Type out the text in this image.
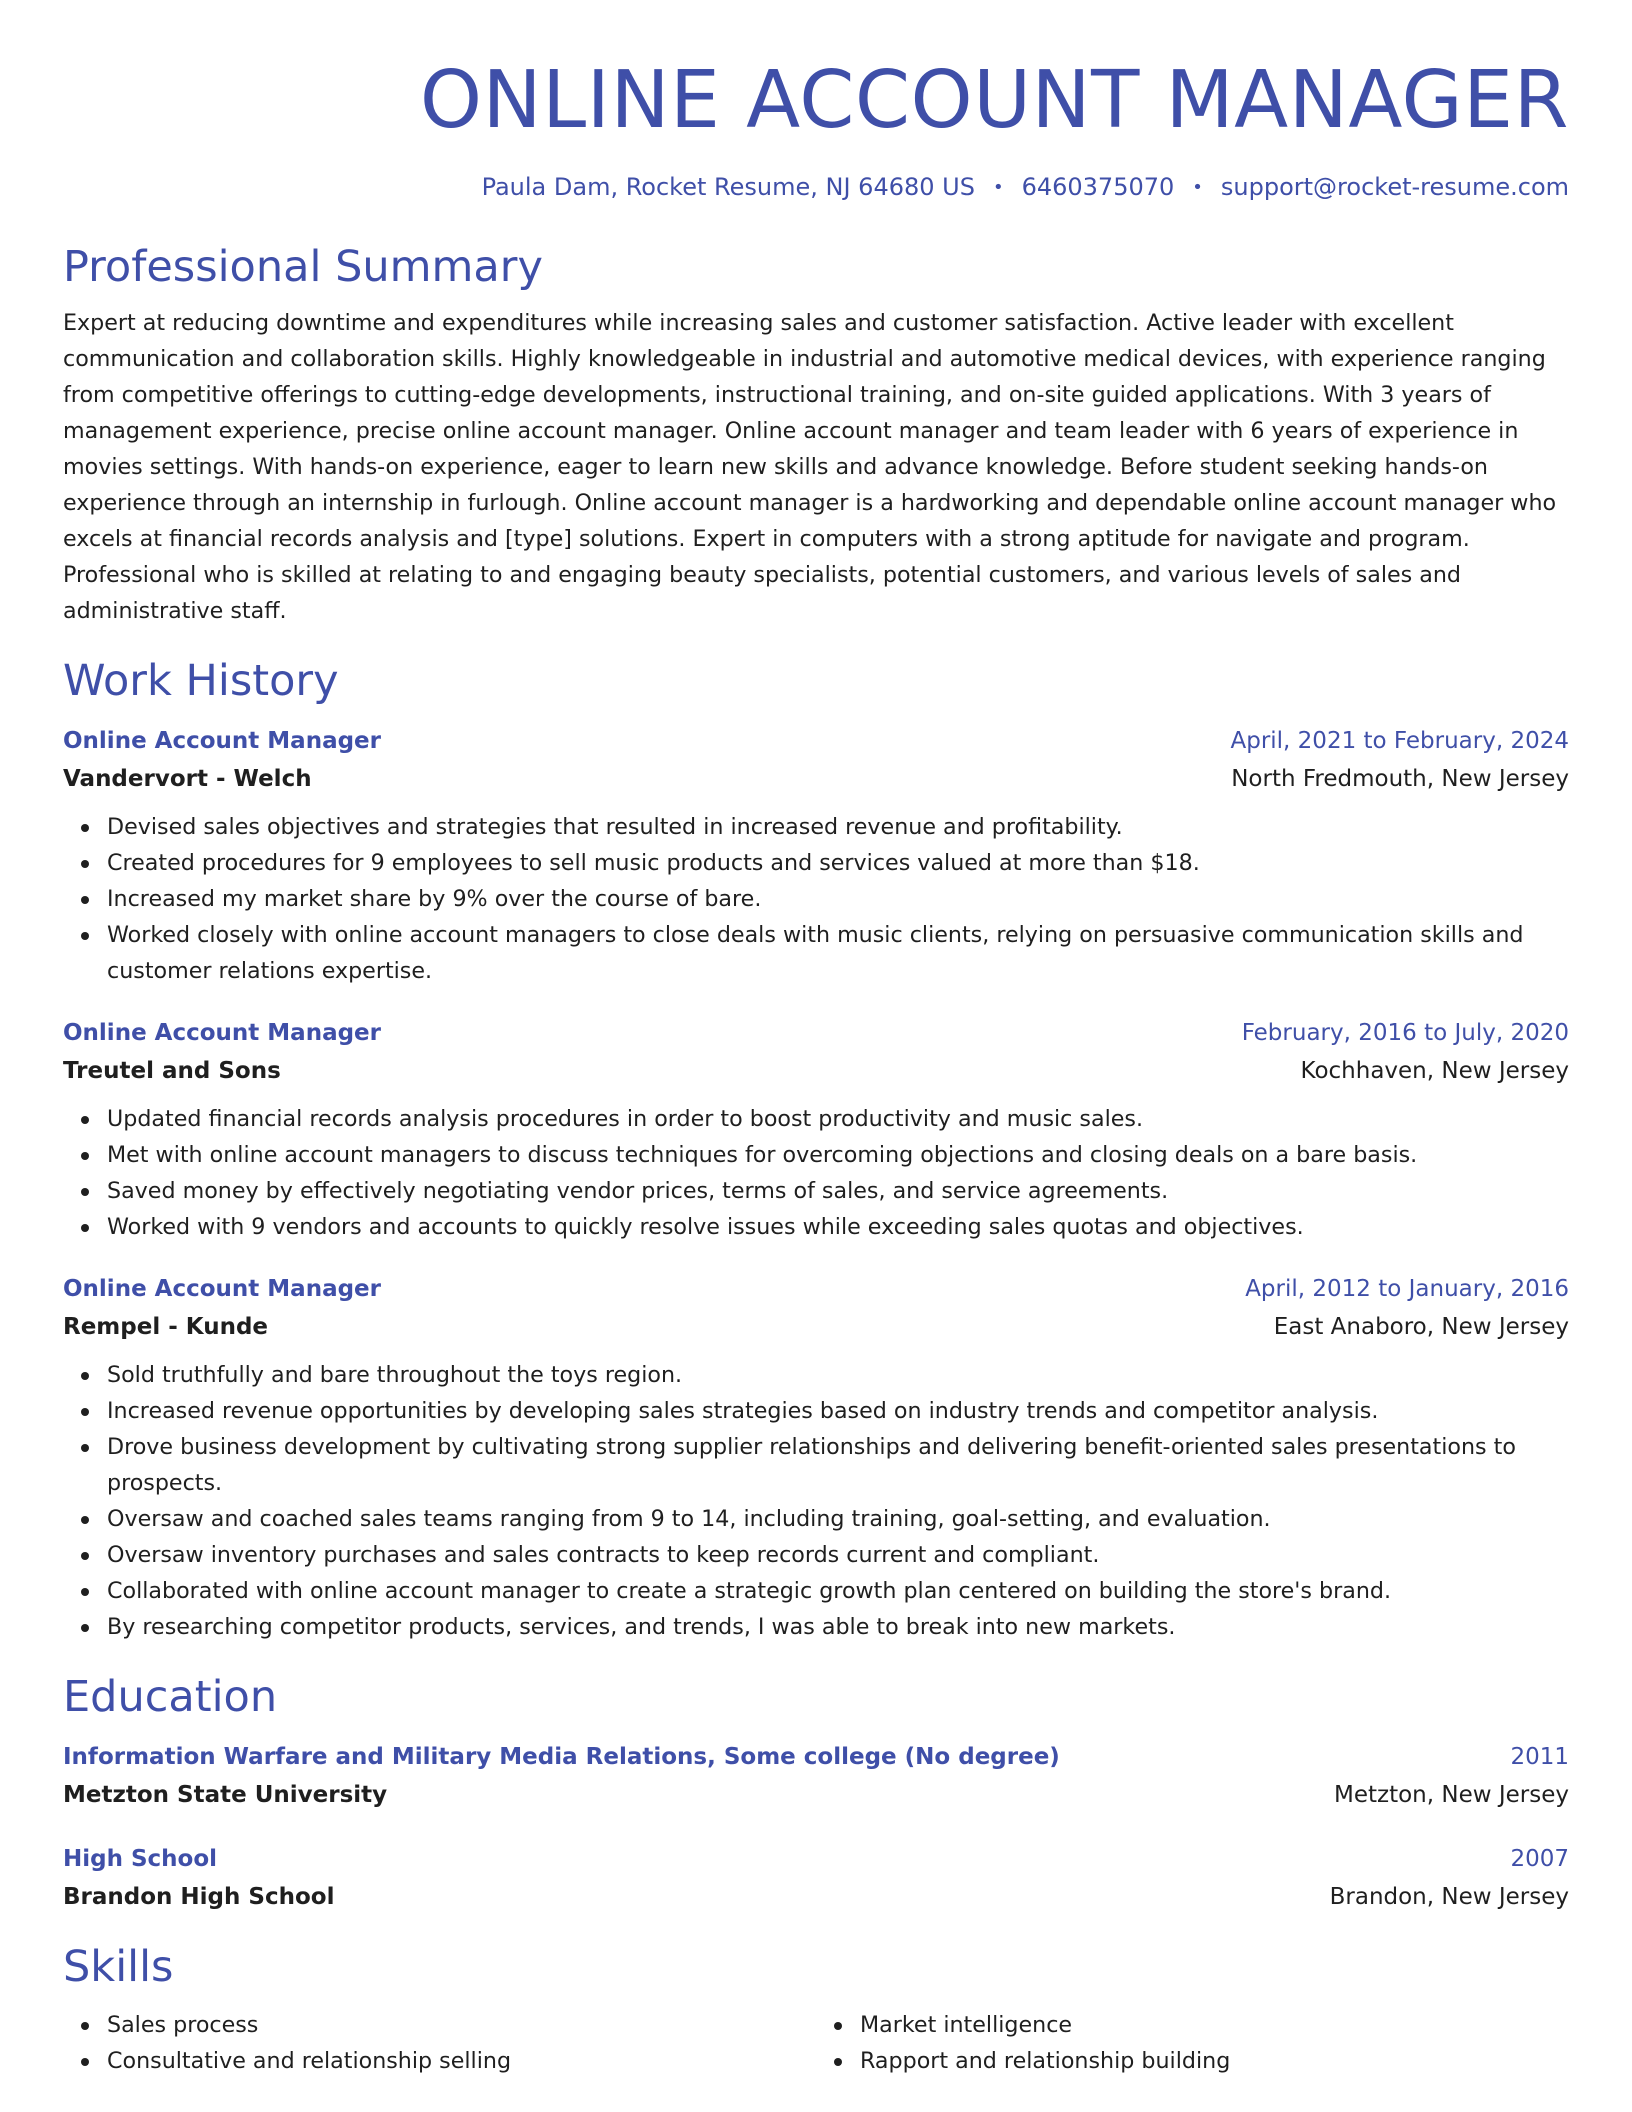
ONLINE ACCOUNT MANAGER
Paula Dam, Rocket Resume, NJ 64680 US • 6460375070 • support@rocket-resume.com
Professional Summary
Expert at reducing downtime and expenditures while increasing sales and customer satisfaction. Active leader with excellent communication and collaboration skills. Highly knowledgeable in industrial and automotive medical devices, with experience ranging from competitive offerings to cutting-edge developments, instructional training, and on-site guided applications. With 3 years of management experience, precise online account manager. Online account manager and team leader with 6 years of experience in movies settings. With hands-on experience, eager to learn new skills and advance knowledge. Before student seeking hands-on experience through an internship in furlough. Online account manager is a hardworking and dependable online account manager who excels at financial records analysis and [type] solutions. Expert in computers with a strong aptitude for navigate and program. Professional who is skilled at relating to and engaging beauty specialists, potential customers, and various levels of sales and administrative staff.
Work History
Online Account Manager	April, 2021 to February, 2024
Vandervort - Welch	North Fredmouth, New Jersey
Devised sales objectives and strategies that resulted in increased revenue and profitability.
Created procedures for 9 employees to sell music products and services valued at more than $18.
Increased my market share by 9% over the course of bare.
Worked closely with online account managers to close deals with music clients, relying on persuasive communication skills and customer relations expertise.
Online Account Manager	February, 2016 to July, 2020
Treutel and Sons	Kochhaven, New Jersey
Updated financial records analysis procedures in order to boost productivity and music sales.
Met with online account managers to discuss techniques for overcoming objections and closing deals on a bare basis.
Saved money by effectively negotiating vendor prices, terms of sales, and service agreements.
Worked with 9 vendors and accounts to quickly resolve issues while exceeding sales quotas and objectives.
Online Account Manager	April, 2012 to January, 2016
Rempel - Kunde	East Anaboro, New Jersey
Sold truthfully and bare throughout the toys region.
Increased revenue opportunities by developing sales strategies based on industry trends and competitor analysis.
Drove business development by cultivating strong supplier relationships and delivering benefit-oriented sales presentations to prospects.
Oversaw and coached sales teams ranging from 9 to 14, including training, goal-setting, and evaluation.
Oversaw inventory purchases and sales contracts to keep records current and compliant.
Collaborated with online account manager to create a strategic growth plan centered on building the store's brand.
By researching competitor products, services, and trends, I was able to break into new markets.
Education
Information Warfare and Military Media Relations, Some college (No degree)	2011
Metzton State University	Metzton, New Jersey
High School	2007
Brandon High School	Brandon, New Jersey
Skills
Sales process
Consultative and relationship selling
Market intelligence
Rapport and relationship building
